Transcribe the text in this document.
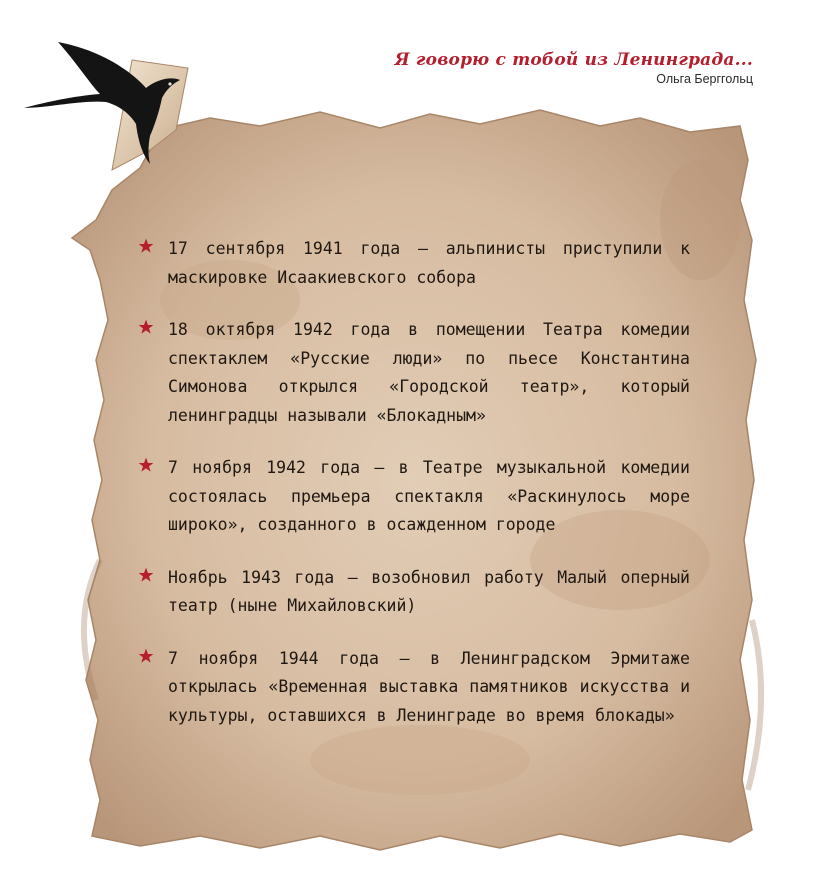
Я говорю с тобой из Ленинграда...
Ольга Берггольц
17 сентября 1941 года – альпинисты приступили к маскировке Исаакиевского собора
18 октября 1942 года в помещении Театра комедии спектаклем «Русские люди» по пьесе Константина Симонова открылся «Городской театр», который ленинградцы называли «Блокадным»
7 ноября 1942 года – в Театре музыкальной комедии состоялась премьера спектакля «Раскинулось море широко», созданного в осажденном городе
Ноябрь 1943 года – возобновил работу Малый оперный театр (ныне Михайловский)
7 ноября 1944 года – в Ленинградском Эрмитаже открылась «Временная выставка памятников искусства и культуры, оставшихся в Ленинграде во время блокады»
